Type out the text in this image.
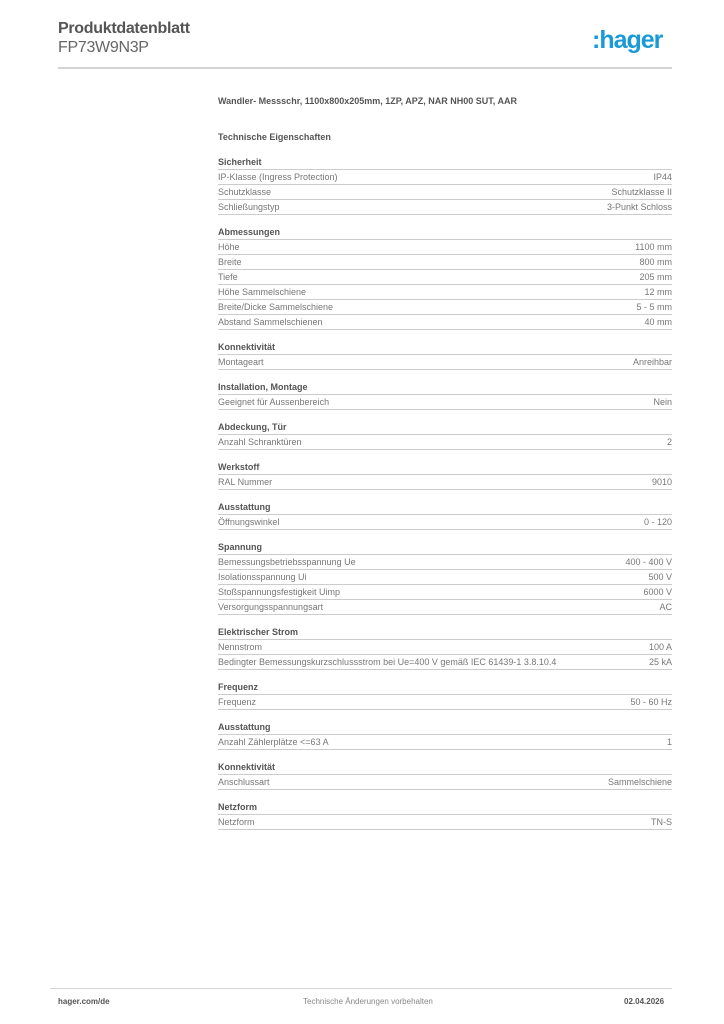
Produktdatenblatt
FP73W9N3P	:hager
Wandler- Messschr, 1100x800x205mm, 1ZP, APZ, NAR NH00 SUT, AAR
Technische Eigenschaften
Sicherheit
IP-Klasse (Ingress Protection)	IP44
Schutzklasse	Schutzklasse II
Schließungstyp	3-Punkt Schloss
Abmessungen
Höhe	1100 mm
Breite	800 mm
Tiefe	205 mm
Höhe Sammelschiene	12 mm
Breite/Dicke Sammelschiene	5 - 5 mm
Abstand Sammelschienen	40 mm
Konnektivität
Montageart	Anreihbar
Installation, Montage
Geeignet für Aussenbereich	Nein
Abdeckung, Tür
Anzahl Schranktüren	2
Werkstoff
RAL Nummer	9010
Ausstattung
Öffnungswinkel	0 - 120
Spannung
Bemessungsbetriebsspannung Ue	400 - 400 V
Isolationsspannung Ui	500 V
Stoßspannungsfestigkeit Uimp	6000 V
Versorgungsspannungsart	AC
Elektrischer Strom
Nennstrom	100 A
Bedingter Bemessungskurzschlussstrom bei Ue=400 V gemäß IEC 61439-1 3.8.10.4	25 kA
Frequenz
Frequenz	50 - 60 Hz
Ausstattung
Anzahl Zählerplätze <=63 A	1
Konnektivität
Anschlussart	Sammelschiene
Netzform
Netzform	TN-S
hager.com/de	Technische Änderungen vorbehalten	02.04.2026
